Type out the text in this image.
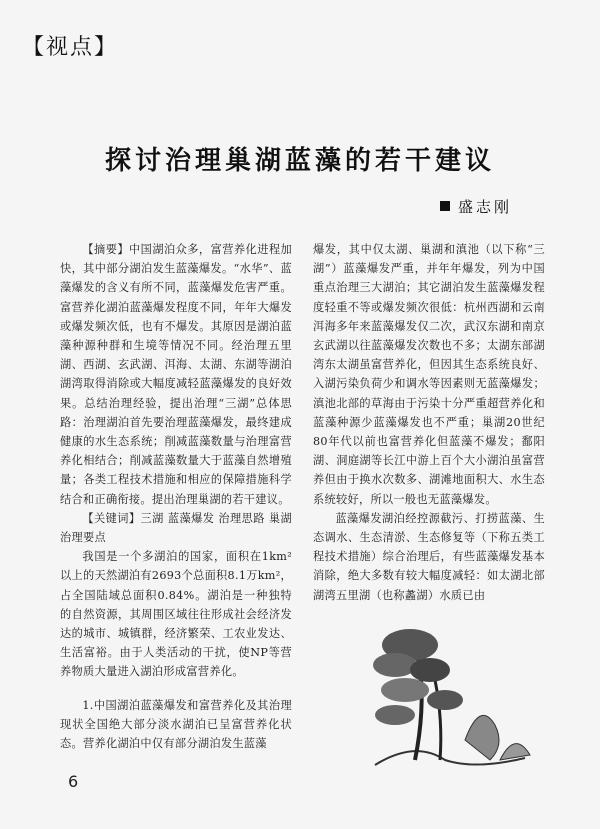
【视点】
探讨治理巢湖蓝藻的若干建议
盛志刚

【摘要】中国湖泊众多，富营养化进程加快，其中部分湖泊发生蓝藻爆发。“水华”、蓝藻爆发的含义有所不同，蓝藻爆发危害严重。富营养化湖泊蓝藻爆发程度不同，年年大爆发或爆发频次低，也有不爆发。其原因是湖泊蓝藻种源种群和生境等情况不同。经治理五里湖、西湖、玄武湖、洱海、太湖、东湖等湖泊湖湾取得消除或大幅度减轻蓝藻爆发的良好效果。总结治理经验，提出治理“三湖”总体思路：治理湖泊首先要治理蓝藻爆发，最终建成健康的水生态系统；削减蓝藻数量与治理富营养化相结合；削减蓝藻数量大于蓝藻自然增殖量；各类工程技术措施和相应的保障措施科学结合和正确衔接。提出治理巢湖的若干建议。

【关键词】三湖 蓝藻爆发 治理思路 巢湖 治理要点

我国是一个多湖泊的国家，面积在1km²以上的天然湖泊有2693个总面积8.1万km²，占全国陆域总面积0.84%。湖泊是一种独特的自然资源，其周围区域往往形成社会经济发达的城市、城镇群，经济繁荣、工农业发达、生活富裕。由于人类活动的干扰，使NP等营养物质大量进入湖泊形成富营养化。

1.中国湖泊蓝藻爆发和富营养化及其治理现状全国绝大部分淡水湖泊已呈富营养化状态。营养化湖泊中仅有部分湖泊发生蓝藻

爆发，其中仅太湖、巢湖和滇池（以下称“三湖”）蓝藻爆发严重，并年年爆发，列为中国重点治理三大湖泊；其它湖泊发生蓝藻爆发程度轻重不等或爆发频次很低：杭州西湖和云南洱海多年来蓝藻爆发仅二次，武汉东湖和南京玄武湖以往蓝藻爆发次数也不多；太湖东部湖湾东太湖虽富营养化，但因其生态系统良好、入湖污染负荷少和调水等因素则无蓝藻爆发；滇池北部的草海由于污染十分严重超营养化和蓝藻种源少蓝藻爆发也不严重；巢湖20世纪80年代以前也富营养化但蓝藻不爆发；鄱阳湖、洞庭湖等长江中游上百个大小湖泊虽富营养但由于换水次数多、湖滩地面积大、水生态系统较好，所以一般也无蓝藻爆发。

蓝藻爆发湖泊经控源截污、打捞蓝藻、生态调水、生态清淤、生态修复等（下称五类工程技术措施）综合治理后，有些蓝藻爆发基本消除，绝大多数有较大幅度减轻：如太湖北部湖湾五里湖（也称蠡湖）水质已由

6
